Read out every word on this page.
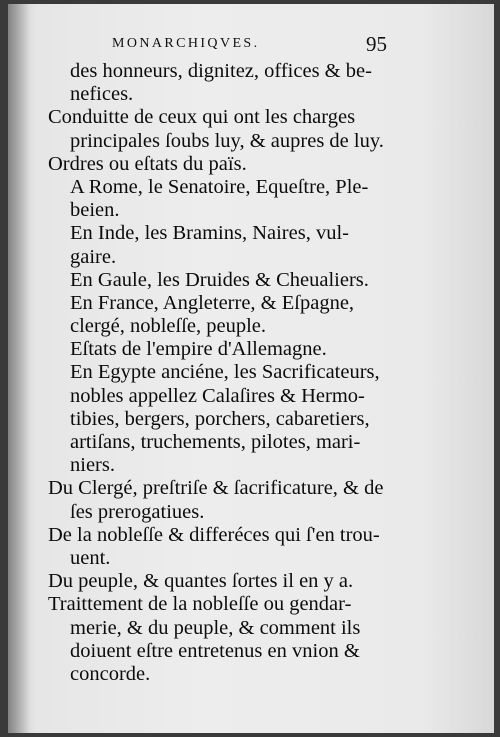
MONARCHIQVES.	95
des honneurs, dignitez, offices & be-
nefices.
Conduitte de ceux qui ont les charges
principales ſoubs luy, & aupres de luy.
Ordres ou eſtats du païs.
A Rome, le Senatoire, Equeſtre, Ple-
beien.
En Inde, les Bramins, Naires, vul-
gaire.
En Gaule, les Druides & Cheualiers.
En France, Angleterre, & Eſpagne,
clergé, nobleſſe, peuple.
Eſtats de l'empire d'Allemagne.
En Egypte anciéne, les Sacrificateurs,
nobles appellez Calaſires & Hermo-
tibies, bergers, porchers, cabaretiers,
artiſans, truchements, pilotes, mari-
niers.
Du Clergé, preſtriſe & ſacrificature, & de
ſes prerogatiues.
De la nobleſſe & differéces qui ſ'en trou-
uent.
Du peuple, & quantes ſortes il en y a.
Traittement de la nobleſſe ou gendar-
merie, & du peuple, & comment ils
doiuent eſtre entretenus en vnion &
concorde.
